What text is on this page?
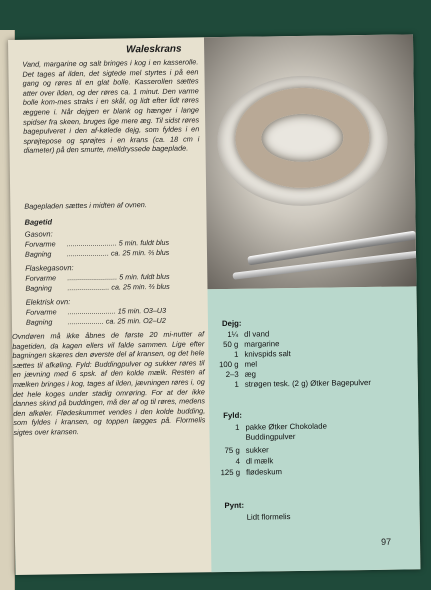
Waleskrans
Vand, margarine og salt bringes i kog i en kasserolle. Det tages af ilden, det sigtede mel styrtes i på een gang og røres til en glat bolle. Kasserollen sættes atter over ilden, og der røres ca. 1 minut. Den varme bolle kom-mes straks i en skål, og lidt efter lidt røres æggene i. Når dejgen er blank og hænger i lange spidser fra skeen, bruges lige mere æg. Til sidst røres bagepulveret i den af-kølede dejg, som fyldes i en sprøjtepose og sprøjtes i en krans (ca. 18 cm i diameter) på den smurte, melldryssede bageplade.
Bagepladen sættes i midten af ovnen.
Bagetid
Gasovn:
Forvarme ......................... 5 min. fuldt blus
Bagning ..................... ca. 25 min. ⅔ blus
Flaskegasovn:
Forvarme ......................... 5 min. fuldt blus
Bagning ..................... ca. 25 min. ⅔ blus
Elektrisk ovn:
Forvarme ........................ 15 min. O3–U3
Bagning .................. ca. 25 min. O2–U2
Ovndøren må ikke åbnes de første 20 mi-nutter af bagetiden, da kagen ellers vil falde sammen. Lige efter bagningen skæres den øverste del af kransen, og det hele sættes til afkøling. Fyld: Buddingpulver og sukker røres til en jævning med 6 spsk. af den kolde mælk. Resten af mælken bringes i kog, tages af ilden, jævningen røres i, og det hele koges under stadig omrøring. For at der ikke dannes skind på buddingen, må der af og til røres, medens den afkøler. Flødeskummet vendes i den kolde budding, som fyldes i kransen, og toppen lægges på. Flormelis sigtes over kransen.
Dejg:
1¼ dl vand
50 g margarine
1 knivspids salt
100 g mel
2–3 æg
1 strøgen tesk. (2 g) Øtker Bagepulver
Fyld:
1 pakke Øtker Chokolade
Buddingpulver
75 g sukker
4 dl mælk
125 g flødeskum
Pynt:
Lidt flormelis
97
